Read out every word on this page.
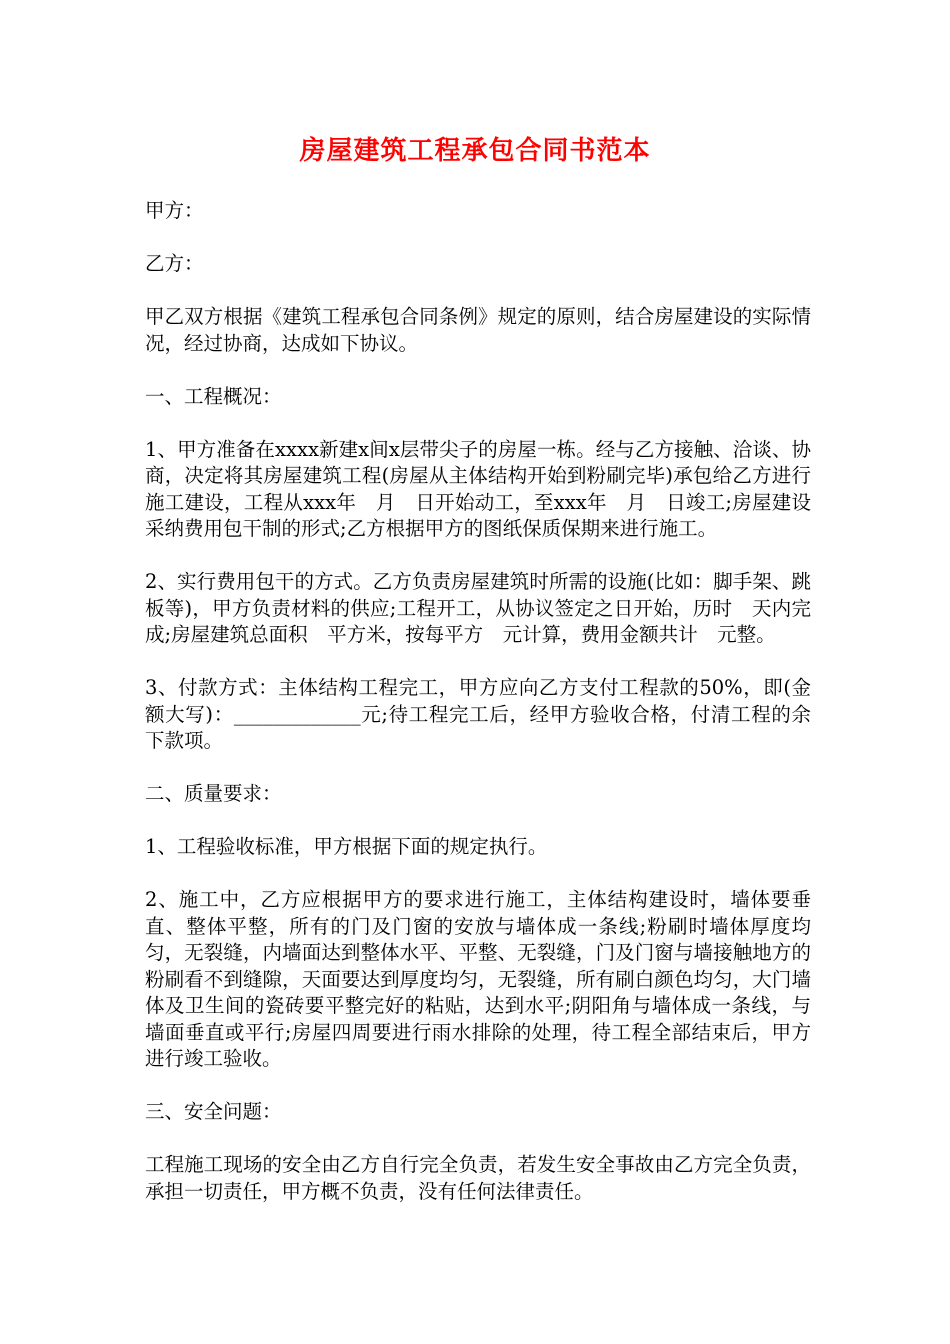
房屋建筑工程承包合同书范本

甲方：

乙方：

甲乙双方根据《建筑工程承包合同条例》规定的原则，结合房屋建设的实际情况，经过协商，达成如下协议。

一、工程概况：

1、甲方准备在xxxx新建x间x层带尖子的房屋一栋。经与乙方接触、洽谈、协商，决定将其房屋建筑工程(房屋从主体结构开始到粉刷完毕)承包给乙方进行施工建设，工程从xxx年　月　日开始动工，至xxx年　月　日竣工;房屋建设采纳费用包干制的形式;乙方根据甲方的图纸保质保期来进行施工。

2、实行费用包干的方式。乙方负责房屋建筑时所需的设施(比如：脚手架、跳板等)，甲方负责材料的供应;工程开工，从协议签定之日开始，历时　天内完成;房屋建筑总面积　平方米，按每平方　元计算，费用金额共计　元整。

3、付款方式：主体结构工程完工，甲方应向乙方支付工程款的50%，即(金额大写)：_____________元;待工程完工后，经甲方验收合格，付清工程的余下款项。

二、质量要求：

1、工程验收标准，甲方根据下面的规定执行。

2、施工中，乙方应根据甲方的要求进行施工，主体结构建设时，墙体要垂直、整体平整，所有的门及门窗的安放与墙体成一条线;粉刷时墙体厚度均匀，无裂缝，内墙面达到整体水平、平整、无裂缝，门及门窗与墙接触地方的粉刷看不到缝隙，天面要达到厚度均匀，无裂缝，所有刷白颜色均匀，大门墙体及卫生间的瓷砖要平整完好的粘贴，达到水平;阴阳角与墙体成一条线，与墙面垂直或平行;房屋四周要进行雨水排除的处理，待工程全部结束后，甲方进行竣工验收。

三、安全问题：

工程施工现场的安全由乙方自行完全负责，若发生安全事故由乙方完全负责，承担一切责任，甲方概不负责，没有任何法律责任。
